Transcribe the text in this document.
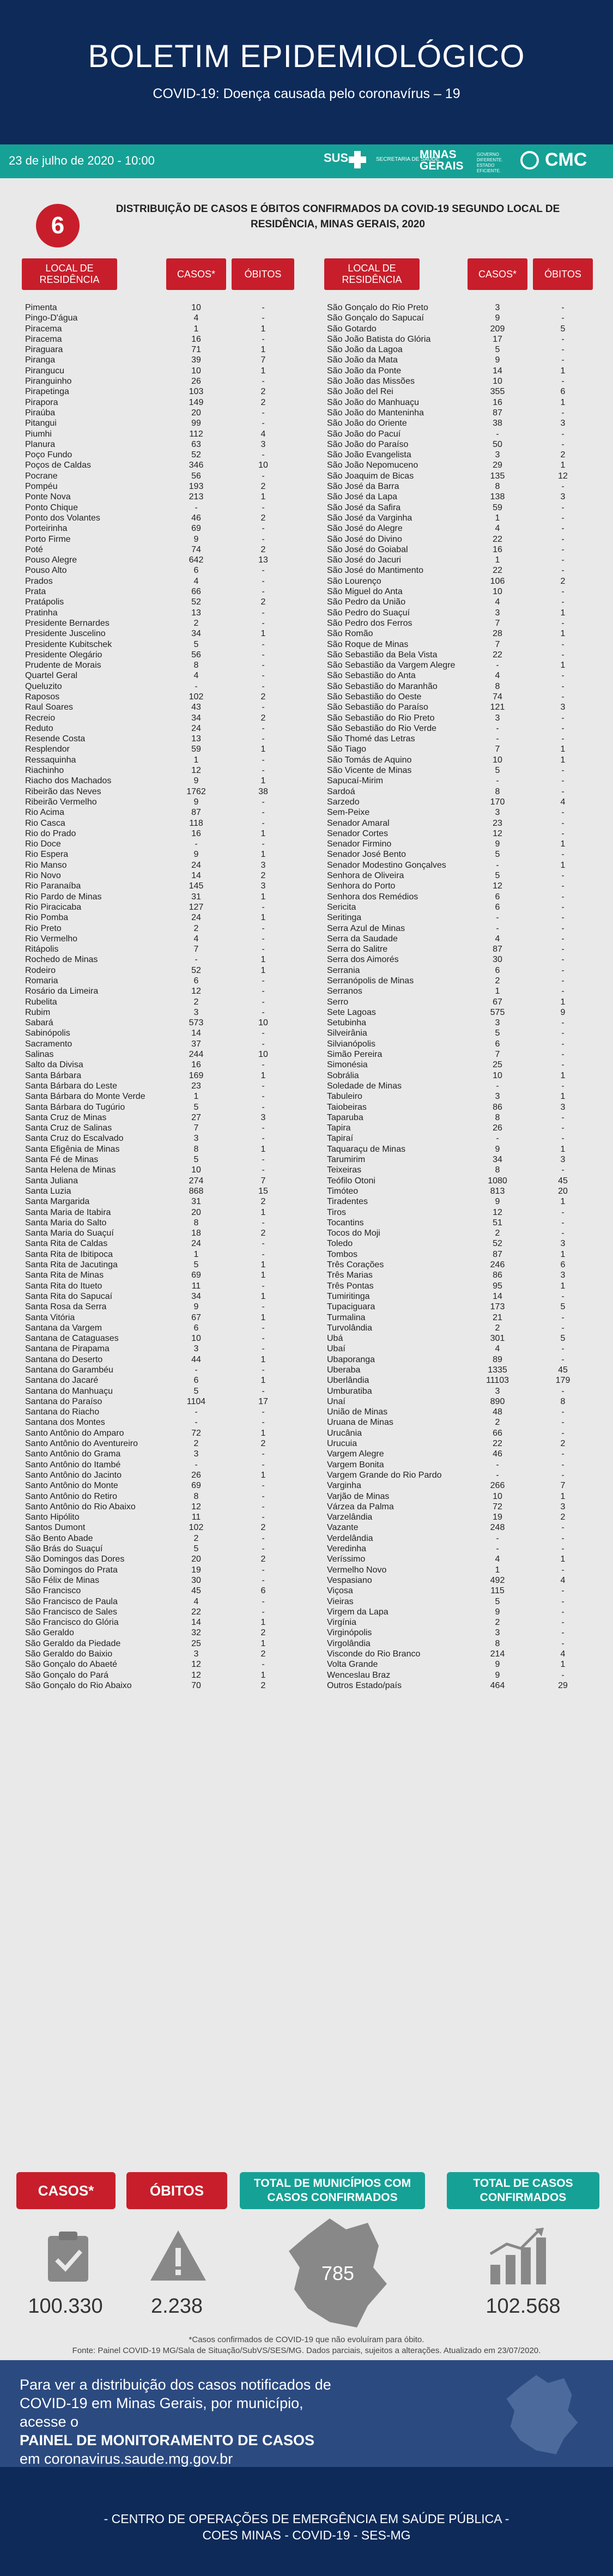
BOLETIM EPIDEMIOLÓGICO
COVID-19: Doença causada pelo coronavírus – 19
23 de julho de 2020 - 10:00	SUS	SECRETARIA DE SAÚDE
MINAS GERAIS
GOVERNO DIFERENTE. ESTADO EFICIENTE.
CMC
6
DISTRIBUIÇÃO DE CASOS E ÓBITOS CONFIRMADOS DA COVID-19 SEGUNDO LOCAL DE RESIDÊNCIA, MINAS GERAIS, 2020
LOCAL DE RESIDÊNCIA
CASOS*	ÓBITOS
LOCAL DE RESIDÊNCIA
CASOS*	ÓBITOS
Pimenta	10	-
Pingo-D'água	4	-
Piracema	1	1
Piracema	16	-
Piraguara	71	1
Piranga	39	7
Pirangucu	10	1
Piranguinho	26	-
Pirapetinga	103	2
Pirapora	149	2
Piraúba	20	-
Pitangui	99	-
Piumhi	112	4
Planura	63	3
Poço Fundo	52	-
Poços de Caldas	346	10
Pocrane	56	-
Pompéu	193	2
Ponte Nova	213	1
Ponto Chique	-	-
Ponto dos Volantes	46	2
Porteirinha	69	-
Porto Firme	9	-
Poté	74	2
Pouso Alegre	642	13
Pouso Alto	6	-
Prados	4	-
Prata	66	-
Pratápolis	52	2
Pratinha	13	-
Presidente Bernardes	2	-
Presidente Juscelino	34	1
Presidente Kubitschek	5	-
Presidente Olegário	56	-
Prudente de Morais	8	-
Quartel Geral	4	-
Queluzito	-	-
Raposos	102	2
Raul Soares	43	-
Recreio	34	2
Reduto	24	-
Resende Costa	13	-
Resplendor	59	1
Ressaquinha	1	-
Riachinho	12	-
Riacho dos Machados	9	1
Ribeirão das Neves	1762	38
Ribeirão Vermelho	9	-
Rio Acima	87	-
Rio Casca	118	-
Rio do Prado	16	1
Rio Doce	-	-
Rio Espera	9	1
Rio Manso	24	3
Rio Novo	14	2
Rio Paranaíba	145	3
Rio Pardo de Minas	31	1
Rio Piracicaba	127	-
Rio Pomba	24	1
Rio Preto	2	-
Rio Vermelho	4	-
Ritápolis	7	-
Rochedo de Minas	-	1
Rodeiro	52	1
Romaria	6	-
Rosário da Limeira	12	-
Rubelita	2	-
Rubim	3	-
Sabará	573	10
Sabinópolis	14	-
Sacramento	37	-
Salinas	244	10
Salto da Divisa	16	-
Santa Bárbara	169	1
Santa Bárbara do Leste	23	-
Santa Bárbara do Monte Verde	1	-
Santa Bárbara do Tugúrio	5	-
Santa Cruz de Minas	27	3
Santa Cruz de Salinas	7	-
Santa Cruz do Escalvado	3	-
Santa Efigênia de Minas	8	1
Santa Fé de Minas	5	-
Santa Helena de Minas	10	-
Santa Juliana	274	7
Santa Luzia	868	15
Santa Margarida	31	2
Santa Maria de Itabira	20	1
Santa Maria do Salto	8	-
Santa Maria do Suaçuí	18	2
Santa Rita de Caldas	24	-
Santa Rita de Ibitipoca	1	-
Santa Rita de Jacutinga	5	1
Santa Rita de Minas	69	1
Santa Rita do Itueto	11	-
Santa Rita do Sapucaí	34	1
Santa Rosa da Serra	9	-
Santa Vitória	67	1
Santana da Vargem	6	-
Santana de Cataguases	10	-
Santana de Pirapama	3	-
Santana do Deserto	44	1
Santana do Garambéu	-	-
Santana do Jacaré	6	1
Santana do Manhuaçu	5	-
Santana do Paraíso	1104	17
Santana do Riacho	-	-
Santana dos Montes	-	-
Santo Antônio do Amparo	72	1
Santo Antônio do Aventureiro	2	2
Santo Antônio do Grama	3	-
Santo Antônio do Itambé	-	-
Santo Antônio do Jacinto	26	1
Santo Antônio do Monte	69	-
Santo Antônio do Retiro	8	-
Santo Antônio do Rio Abaixo	12	-
Santo Hipólito	11	-
Santos Dumont	102	2
São Bento Abade	2	-
São Brás do Suaçuí	5	-
São Domingos das Dores	20	2
São Domingos do Prata	19	-
São Félix de Minas	30	-
São Francisco	45	6
São Francisco de Paula	4	-
São Francisco de Sales	22	-
São Francisco do Glória	14	1
São Geraldo	32	2
São Geraldo da Piedade	25	1
São Geraldo do Baixio	3	2
São Gonçalo do Abaeté	12	-
São Gonçalo do Pará	12	1
São Gonçalo do Rio Abaixo	70	2
São Gonçalo do Rio Preto	3	-
São Gonçalo do Sapucaí	9	-
São Gotardo	209	5
São João Batista do Glória	17	-
São João da Lagoa	5	-
São João da Mata	9	-
São João da Ponte	14	1
São João das Missões	10	-
São João del Rei	355	6
São João do Manhuaçu	16	1
São João do Manteninha	87	-
São João do Oriente	38	3
São João do Pacuí	-	-
São João do Paraíso	50	-
São João Evangelista	3	2
São João Nepomuceno	29	1
São Joaquim de Bicas	135	12
São José da Barra	8	-
São José da Lapa	138	3
São José da Safira	59	-
São José da Varginha	1	-
São José do Alegre	4	-
São José do Divino	22	-
São José do Goiabal	16	-
São José do Jacuri	1	-
São José do Mantimento	22	-
São Lourenço	106	2
São Miguel do Anta	10	-
São Pedro da União	4	-
São Pedro do Suaçuí	3	1
São Pedro dos Ferros	7	-
São Romão	28	1
São Roque de Minas	7	-
São Sebastião da Bela Vista	22	-
São Sebastião da Vargem Alegre	-	1
São Sebastião do Anta	4	-
São Sebastião do Maranhão	8	-
São Sebastião do Oeste	74	-
São Sebastião do Paraíso	121	3
São Sebastião do Rio Preto	3	-
São Sebastião do Rio Verde	-	-
São Thomé das Letras	-	-
São Tiago	7	1
São Tomás de Aquino	10	1
São Vicente de Minas	5	-
Sapucaí-Mirim	-	-
Sardoá	8	-
Sarzedo	170	4
Sem-Peixe	3	-
Senador Amaral	23	-
Senador Cortes	12	-
Senador Firmino	9	1
Senador José Bento	5	-
Senador Modestino Gonçalves	-	1
Senhora de Oliveira	5	-
Senhora do Porto	12	-
Senhora dos Remédios	6	-
Sericita	6	-
Seritinga	-	-
Serra Azul de Minas	-	-
Serra da Saudade	4	-
Serra do Salitre	87	-
Serra dos Aimorés	30	-
Serrania	6	-
Serranópolis de Minas	2	-
Serranos	1	-
Serro	67	1
Sete Lagoas	575	9
Setubinha	3	-
Silveirânia	5	-
Silvianópolis	6	-
Simão Pereira	7	-
Simonésia	25	-
Sobrália	10	1
Soledade de Minas	-	-
Tabuleiro	3	1
Taiobeiras	86	3
Taparuba	8	-
Tapira	26	-
Tapiraí	-	-
Taquaraçu de Minas	9	1
Tarumirim	34	3
Teixeiras	8	-
Teófilo Otoni	1080	45
Timóteo	813	20
Tiradentes	9	1
Tiros	12	-
Tocantins	51	-
Tocos do Moji	2	-
Toledo	52	3
Tombos	87	1
Três Corações	246	6
Três Marias	86	3
Três Pontas	95	1
Tumiritinga	14	-
Tupaciguara	173	5
Turmalina	21	-
Turvolândia	2	-
Ubá	301	5
Ubaí	4	-
Ubaporanga	89	-
Uberaba	1335	45
Uberlândia	11103	179
Umburatiba	3	-
Unaí	890	8
União de Minas	48	-
Uruana de Minas	2	-
Urucânia	66	-
Urucuia	22	2
Vargem Alegre	46	-
Vargem Bonita	-	-
Vargem Grande do Rio Pardo	-	-
Varginha	266	7
Varjão de Minas	10	1
Várzea da Palma	72	3
Varzelândia	19	2
Vazante	248	-
Verdelândia	-	-
Veredinha	-	-
Veríssimo	4	1
Vermelho Novo	1	-
Vespasiano	492	4
Viçosa	115	-
Vieiras	5	-
Virgem da Lapa	9	-
Virgínia	2	-
Virginópolis	3	-
Virgolândia	8	-
Visconde do Rio Branco	214	4
Volta Grande	9	1
Wenceslau Braz	9	-
Outros Estado/país	464	29
CASOS*	ÓBITOS	TOTAL DE MUNICÍPIOS COM CASOS CONFIRMADOS
TOTAL DE CASOS CONFIRMADOS
100.330	2.238
785
102.568
*Casos confirmados de COVID-19 que não evoluíram para óbito.
Fonte: Painel COVID-19 MG/Sala de Situação/SubVS/SES/MG. Dados parciais, sujeitos a alterações. Atualizado em 23/07/2020.
Para ver a distribuição dos casos notificados de COVID-19 em Minas Gerais, por município, acesse o
PAINEL DE MONITORAMENTO DE CASOS
em coronavirus.saude.mg.gov.br
- CENTRO DE OPERAÇÕES DE EMERGÊNCIA EM SAÚDE PÚBLICA -
COES MINAS - COVID-19 - SES-MG
